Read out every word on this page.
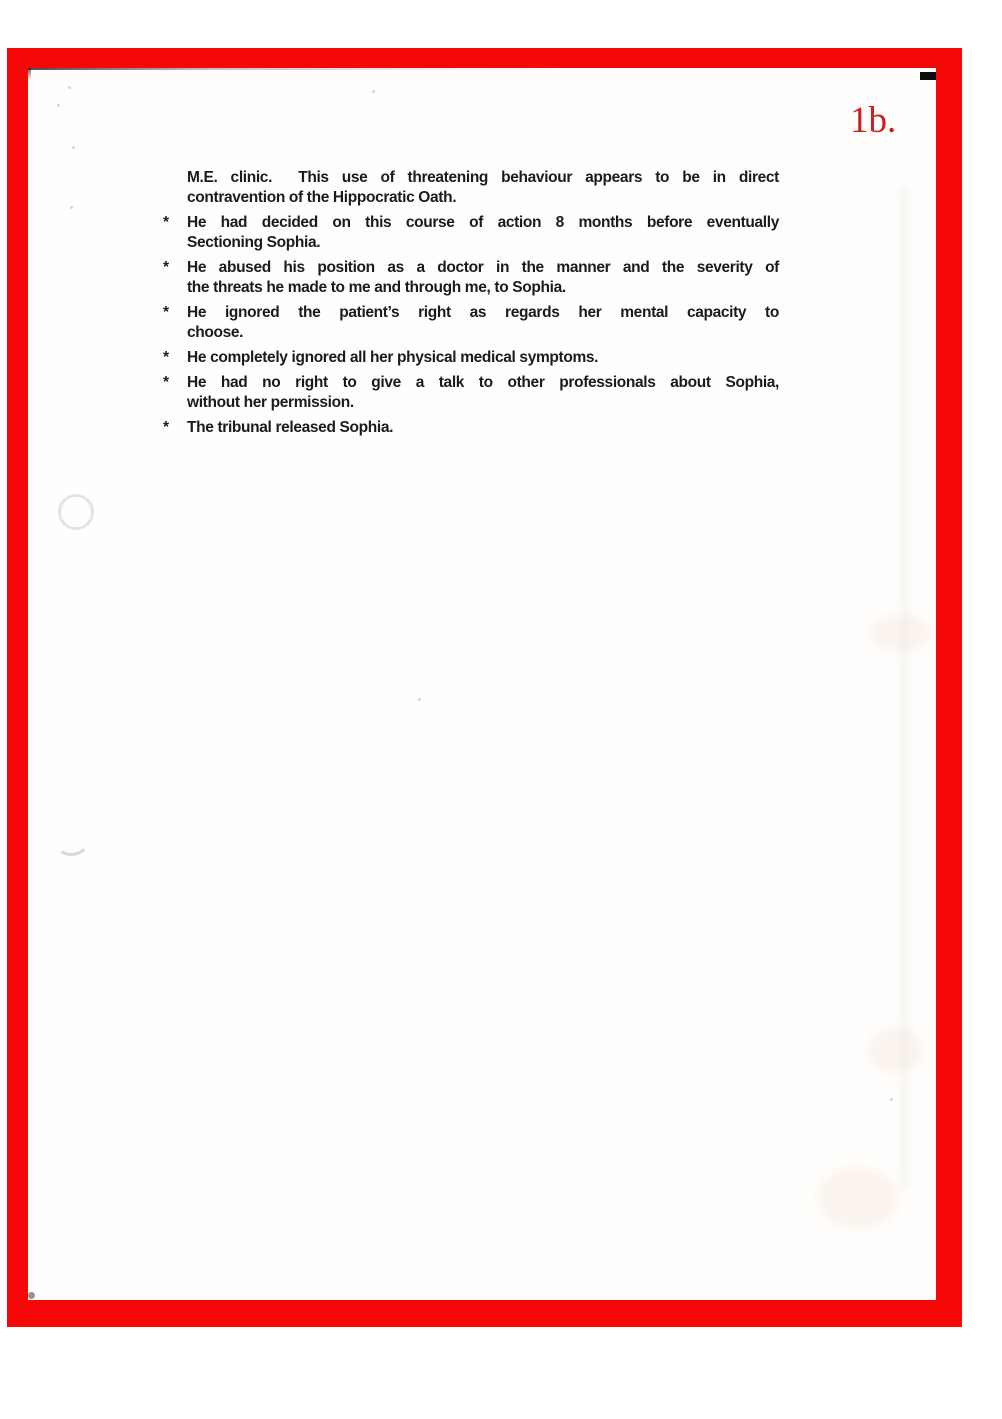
1b.
M.E. clinic.  This use of threatening behaviour appears to be in direct
contravention of the Hippocratic Oath.
*	He had decided on this course of action 8 months before eventually
Sectioning Sophia.
*	He abused his position as a doctor in the manner and the severity of
the threats he made to me and through me, to Sophia.
*	He ignored the patient’s right as regards her mental capacity to
choose.
*	He completely ignored all her physical medical symptoms.
*	He had no right to give a talk to other professionals about Sophia,
without her permission.
*	The tribunal released Sophia.
